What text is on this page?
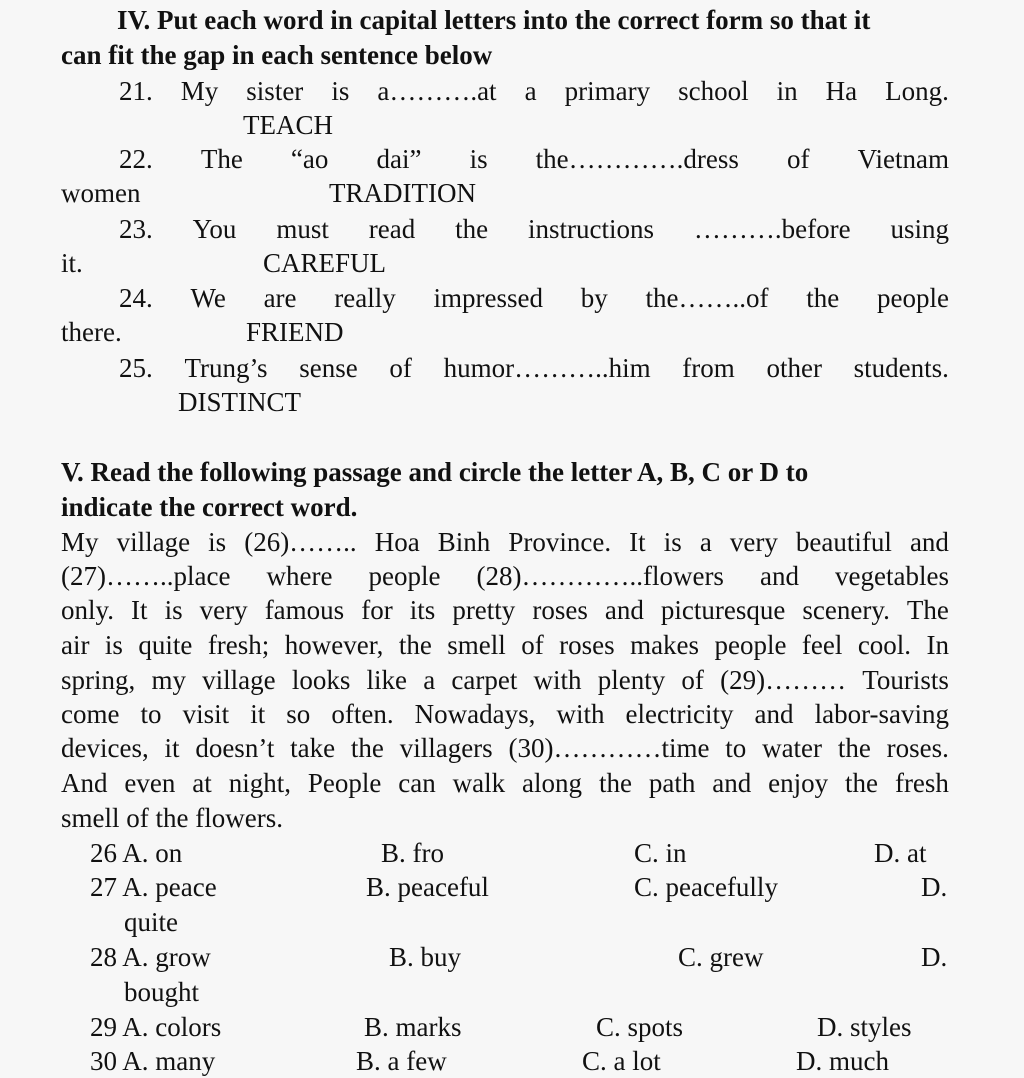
IV. Put each word in capital letters into the correct form so that it
can fit the gap in each sentence below
21. My sister is a……….at a primary school in Ha Long.
TEACH
22. The “ao dai” is the………….dress of Vietnam
women	TRADITION
23. You must read the instructions ……….before using
it.	CAREFUL
24. We are really impressed by the……..of the people
there.	FRIEND
25. Trung’s sense of humor………..him from other students.
DISTINCT
V. Read the following passage and circle the letter A, B, C or D to
indicate the correct word.
My village is (26)…….. Hoa Binh Province. It is a very beautiful and
(27)……..place where people (28)…………..flowers and vegetables
only. It is very famous for its pretty roses and picturesque scenery. The
air is quite fresh; however, the smell of roses makes people feel cool. In
spring, my village looks like a carpet with plenty of (29)……… Tourists
come to visit it so often. Nowadays, with electricity and labor-saving
devices, it doesn’t take the villagers (30)…………time to water the roses.
And even at night, People can walk along the path and enjoy the fresh
smell of the flowers.
26 A. on	B. fro	C. in	D. at
27 A. peace	B. peaceful	C. peacefully	D.
quite
28 A. grow	B. buy	C. grew	D.
bought
29 A. colors	B. marks	C. spots	D. styles
30 A. many	B. a few	C. a lot	D. much
